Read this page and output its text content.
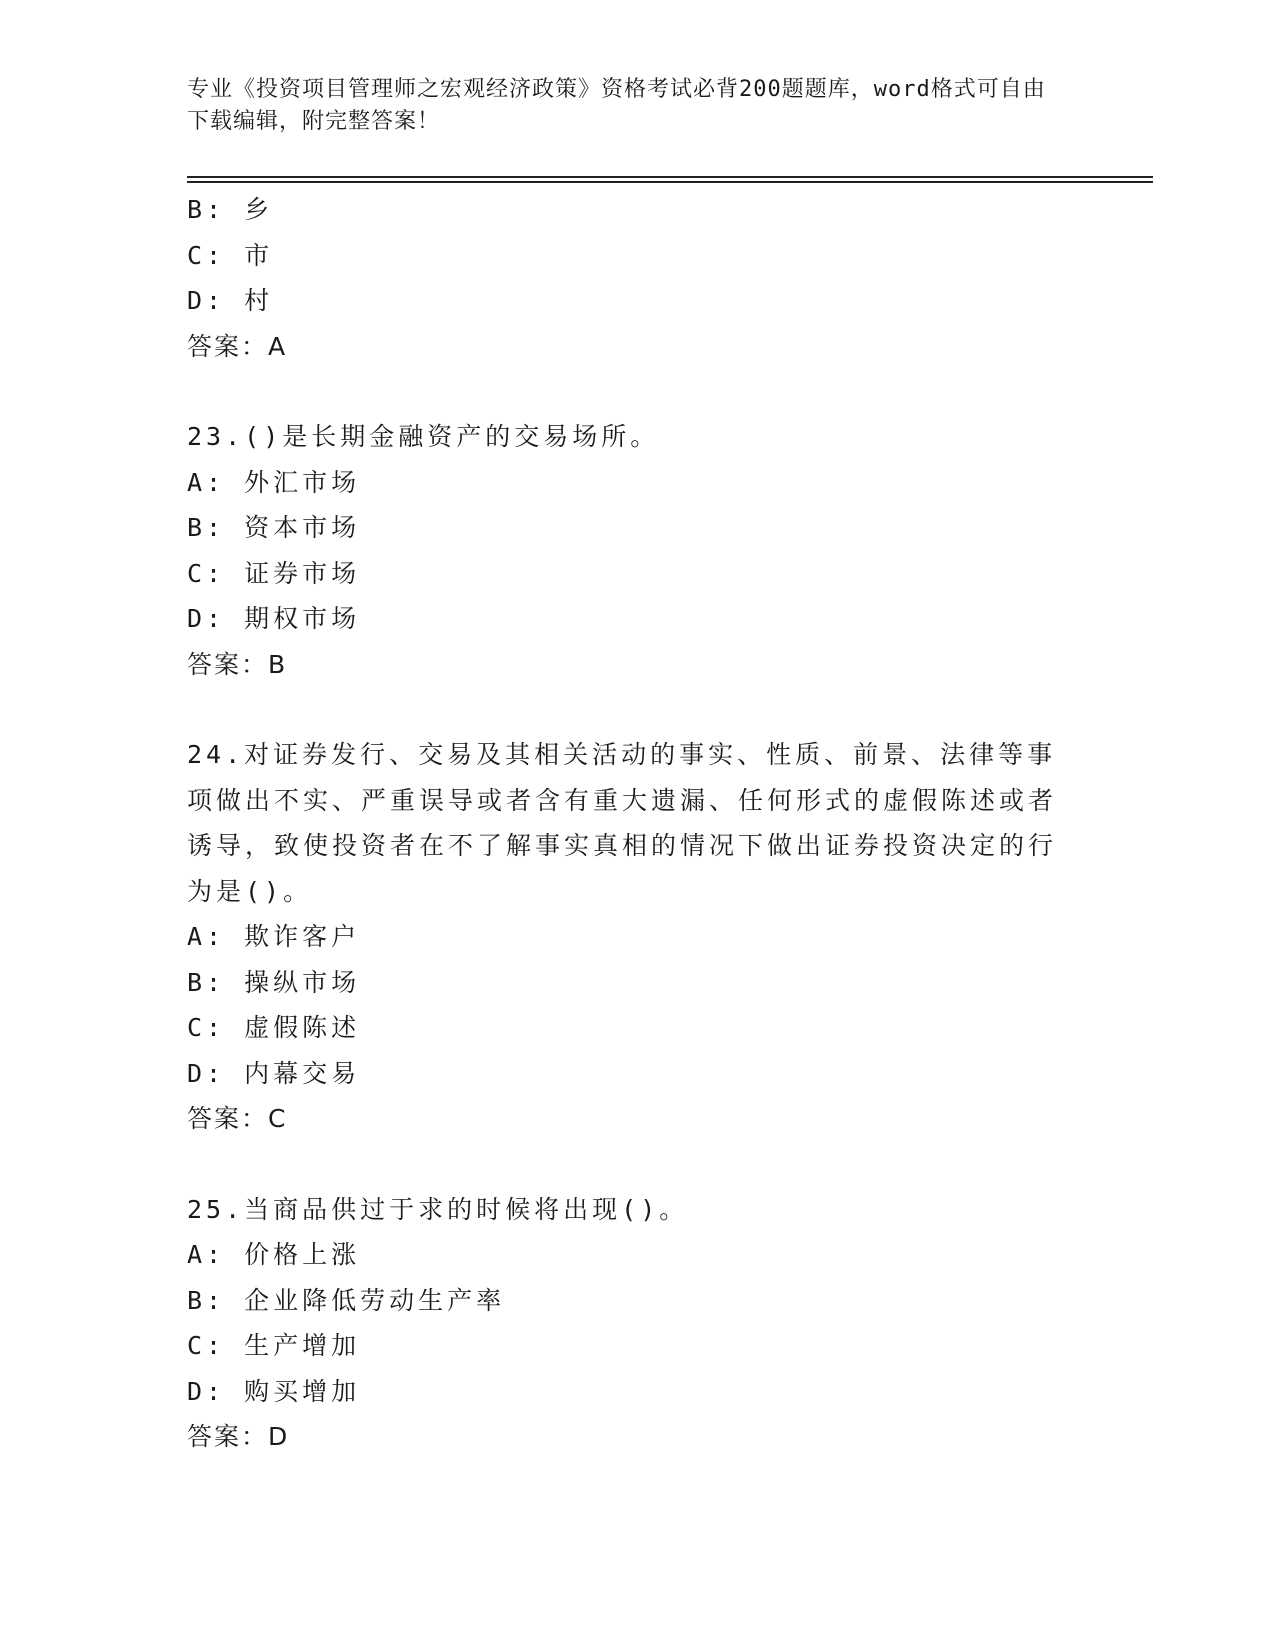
专业《投资项目管理师之宏观经济政策》资格考试必背200题题库，word格式可自由下载编辑，附完整答案！
B: 乡
C: 市
D: 村
答案：A
23.()是长期金融资产的交易场所。
A: 外汇市场
B: 资本市场
C: 证券市场
D: 期权市场
答案：B
24.对证券发行、交易及其相关活动的事实、性质、前景、法律等事项做出不实、严重误导或者含有重大遗漏、任何形式的虚假陈述或者诱导，致使投资者在不了解事实真相的情况下做出证券投资决定的行为是()。
A: 欺诈客户
B: 操纵市场
C: 虚假陈述
D: 内幕交易
答案：C
25.当商品供过于求的时候将出现()。
A: 价格上涨
B: 企业降低劳动生产率
C: 生产增加
D: 购买增加
答案：D
